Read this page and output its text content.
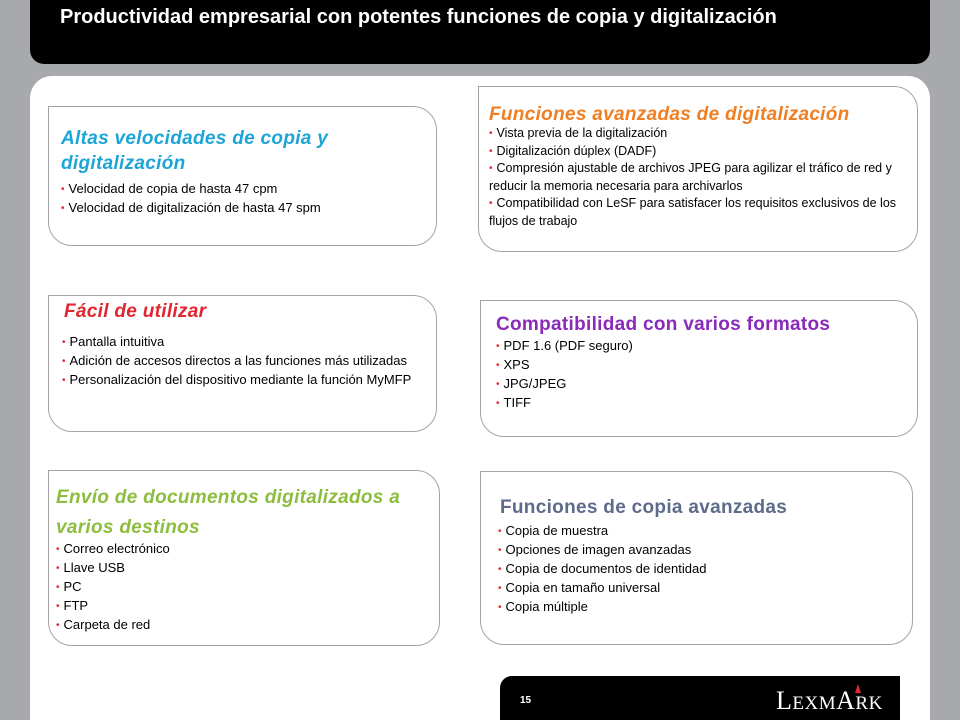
Productividad empresarial con potentes funciones de copia y digitalización
Altas velocidades de copia y digitalización
• Velocidad de copia de hasta 47 cpm
• Velocidad de digitalización de hasta 47 spm
Funciones avanzadas de digitalización
• Vista previa de la digitalización
• Digitalización dúplex (DADF)
• Compresión ajustable de archivos JPEG para agilizar el tráfico de red y reducir la memoria necesaria para archivarlos
• Compatibilidad con LeSF para satisfacer los requisitos exclusivos de los flujos de trabajo
Fácil de utilizar
• Pantalla intuitiva
• Adición de accesos directos a las funciones más utilizadas
• Personalización del dispositivo mediante la función MyMFP
Compatibilidad con varios formatos
• PDF 1.6 (PDF seguro)
• XPS
• JPG/JPEG
• TIFF
Envío de documentos digitalizados a varios destinos
• Correo electrónico
• Llave USB
• PC
• FTP
• Carpeta de red
Funciones de copia avanzadas
• Copia de muestra
• Opciones de imagen avanzadas
• Copia de documentos de identidad
• Copia en tamaño universal
• Copia múltiple
15	LEXMARK
